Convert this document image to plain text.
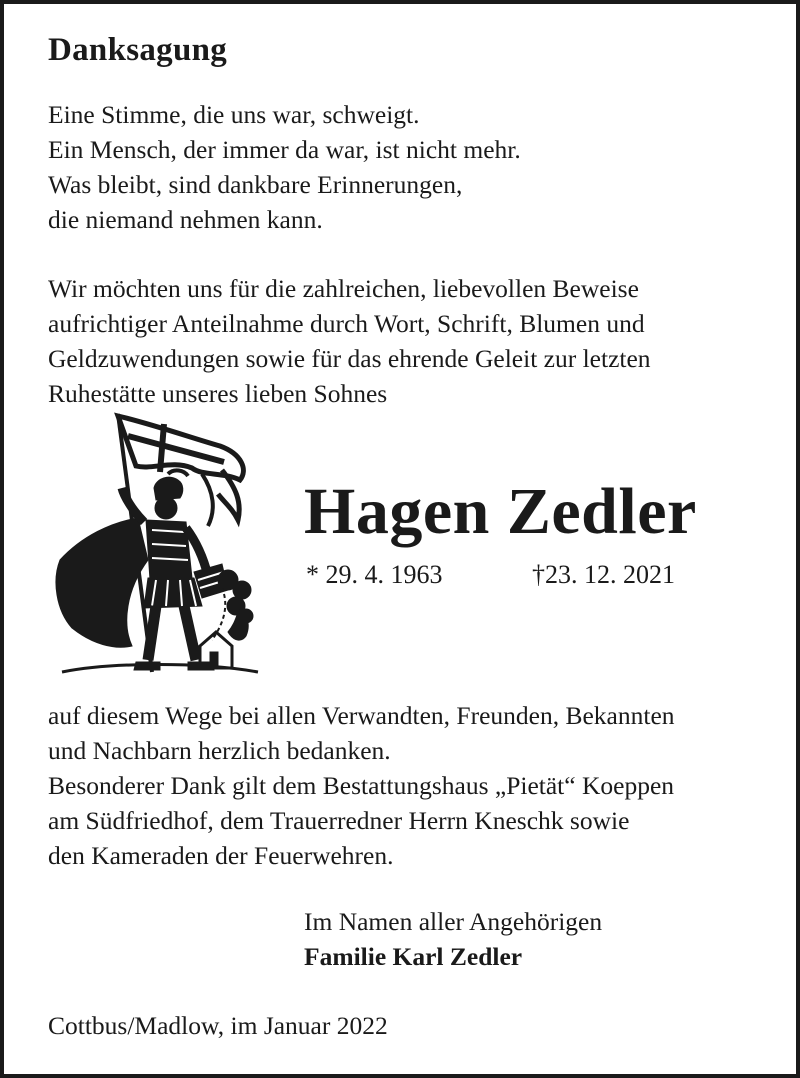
Danksagung

Eine Stimme, die uns war, schweigt.
Ein Mensch, der immer da war, ist nicht mehr.
Was bleibt, sind dankbare Erinnerungen,
die niemand nehmen kann.

Wir möchten uns für die zahlreichen, liebevollen Beweise
aufrichtiger Anteilnahme durch Wort, Schrift, Blumen und
Geldzuwendungen sowie für das ehrende Geleit zur letzten
Ruhestätte unseres lieben Sohnes

Hagen Zedler
* 29. 4. 1963	†23. 12. 2021

auf diesem Wege bei allen Verwandten, Freunden, Bekannten
und Nachbarn herzlich bedanken.
Besonderer Dank gilt dem Bestattungshaus „Pietät“ Koeppen
am Südfriedhof, dem Trauerredner Herrn Kneschk sowie
den Kameraden der Feuerwehren.

Im Namen aller Angehörigen
Familie Karl Zedler
Cottbus/Madlow, im Januar 2022
